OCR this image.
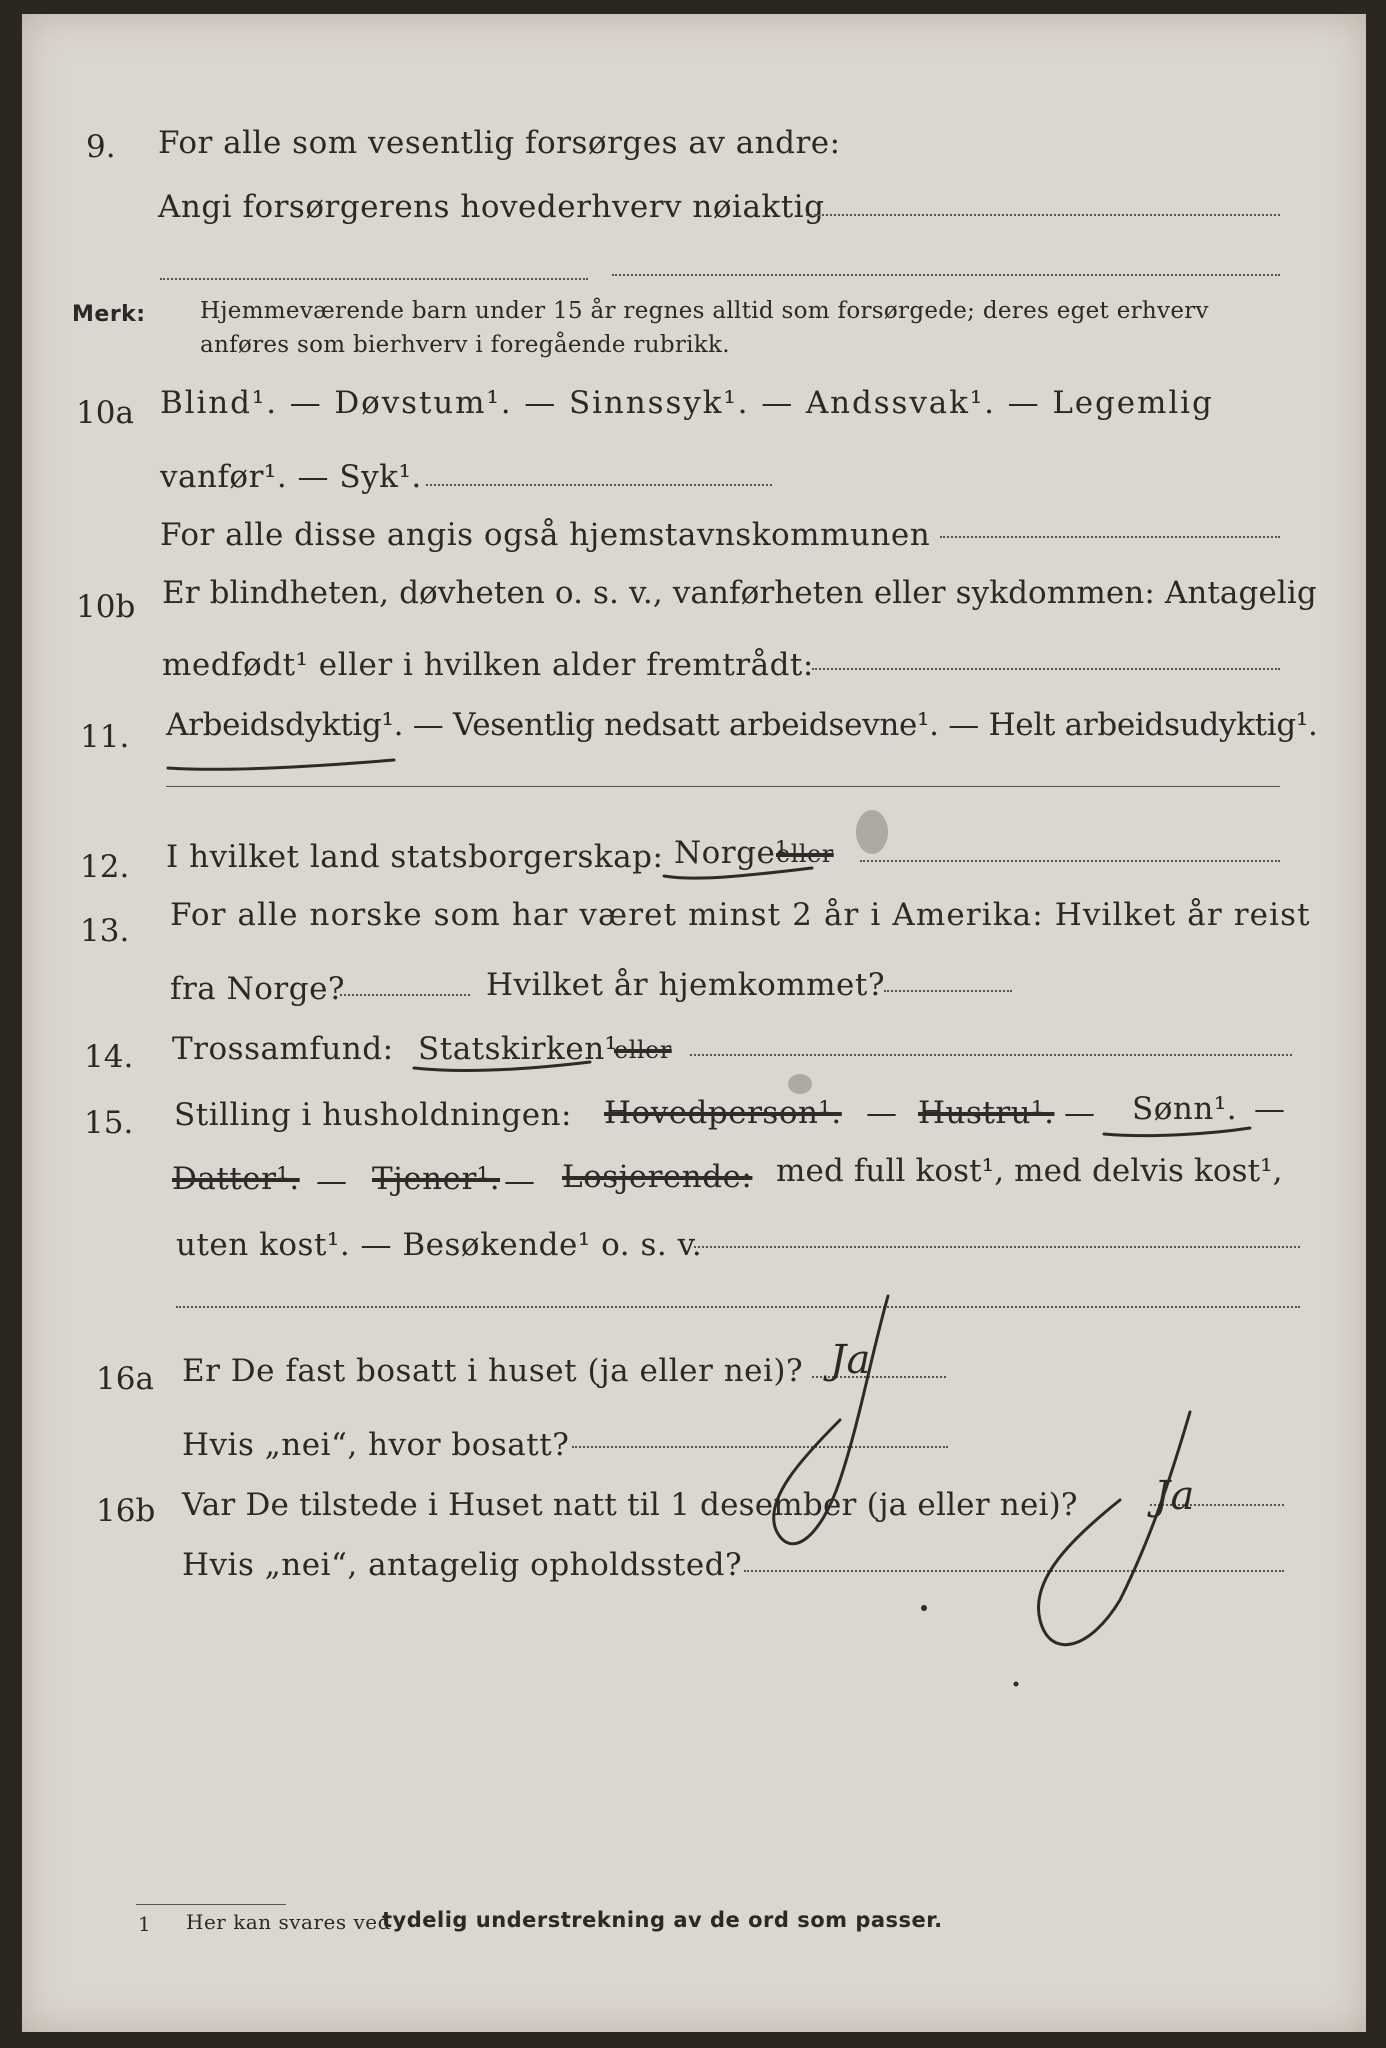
9. For alle som vesentlig forsørges av andre:
Angi forsørgerens hovederhverv nøiaktig
Merk: Hjemmeværende barn under 15 år regnes alltid som forsørgede; deres eget erhverv
anføres som bierhverv i foregående rubrikk.
10a Blind¹. — Døvstum¹. — Sinnssyk¹. — Andssvak¹. — Legemlig
vanfør¹. — Syk¹.
For alle disse angis også hjemstavnskommunen
10b Er blindheten, døvheten o. s. v., vanførheten eller sykdommen: Antagelig
medfødt¹ eller i hvilken alder fremtrådt:
11. Arbeidsdyktig¹. — Vesentlig nedsatt arbeidsevne¹. — Helt arbeidsudyktig¹.
12. I hvilket land statsborgerskap: Norge¹
eller
13. For alle norske som har været minst 2 år i Amerika: Hvilket år reist
fra Norge?	Hvilket år hjemkommet?
14. Trossamfund: Statskirken¹
eller
15. Stilling i husholdningen: Hovedperson¹. — Hustru¹. — Sønn¹. —
Datter¹. — Tjener¹. — Losjerende: med full kost¹, med delvis kost¹,
uten kost¹. — Besøkende¹ o. s. v.
16a Er De fast bosatt i huset (ja eller nei)?
Hvis „nei“, hvor bosatt?
16b Var De tilstede i Huset natt til 1 desember (ja eller nei)?
Hvis „nei“, antagelig opholdssted?
1 Her kan svares ved
tydelig understrekning av de ord som passer.
Ja
Ja
